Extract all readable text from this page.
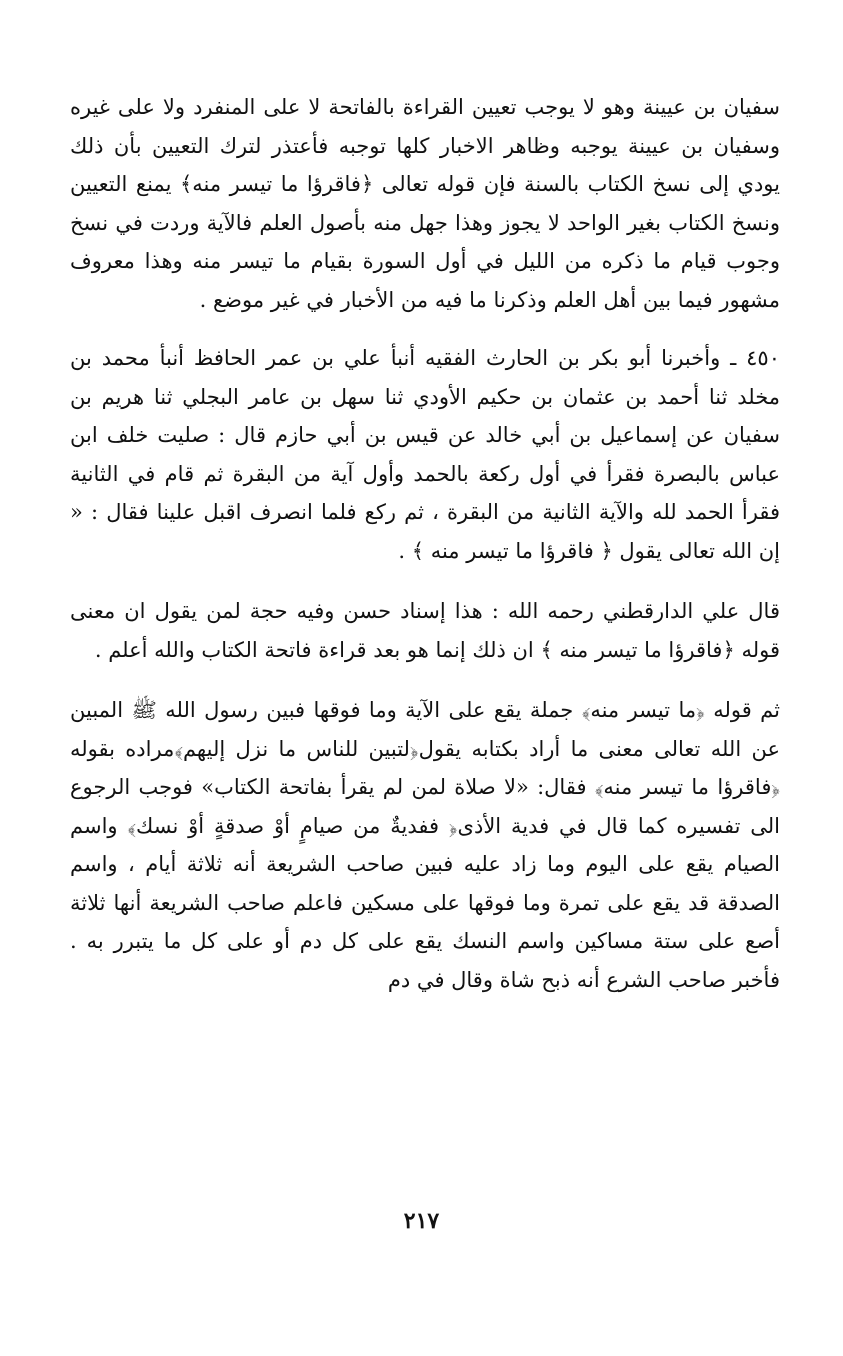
سفيان بن عيينة وهو لا يوجب تعيين القراءة بالفاتحة لا على المنفرد ولا على غيره وسفيان بن عيينة يوجبه وظاهر الاخبار كلها توجبه فأعتذر لترك التعيين بأن ذلك يودي إلى نسخ الكتاب بالسنة فإن قوله تعالى ﴿فاقرؤا ما تيسر منه﴾ يمنع التعيين ونسخ الكتاب بغير الواحد لا يجوز وهذا جهل منه بأصول العلم فالآية وردت في نسخ وجوب قيام ما ذكره من الليل في أول السورة بقيام ما تيسر منه وهذا معروف مشهور فيما بين أهل العلم وذكرنا ما فيه من الأخبار في غير موضع .

٤٥٠ ـ وأخبرنا أبو بكر بن الحارث الفقيه أنبأ علي بن عمر الحافظ أنبأ محمد بن مخلد ثنا أحمد بن عثمان بن حكيم الأودي ثنا سهل بن عامر البجلي ثنا هريم بن سفيان عن إسماعيل بن أبي خالد عن قيس بن أبي حازم قال : صليت خلف ابن عباس بالبصرة فقرأ في أول ركعة بالحمد وأول آية من البقرة ثم قام في الثانية فقرأ الحمد لله والآية الثانية من البقرة ، ثم ركع فلما انصرف اقبل علينا فقال : « إن الله تعالى يقول ﴿ فاقرؤا ما تيسر منه ﴾ .

قال علي الدارقطني رحمه الله : هذا إسناد حسن وفيه حجة لمن يقول ان معنى قوله ﴿فاقرؤا ما تيسر منه ﴾ ان ذلك إنما هو بعد قراءة فاتحة الكتاب والله أعلم .

ثم قوله ﴿ما تيسر منه﴾ جملة يقع على الآية وما فوقها فبين رسول الله ﷺ المبين عن الله تعالى معنى ما أراد بكتابه يقول﴿لتبين للناس ما نزل إليهم﴾مراده بقوله ﴿فاقرؤا ما تيسر منه﴾ فقال: «لا صلاة لمن لم يقرأ بفاتحة الكتاب» فوجب الرجوع الى تفسيره كما قال في فدية الأذى﴿ ففديةٌ من صيامٍ أوْ صدقةٍ أوْ نسك﴾ واسم الصيام يقع على اليوم وما زاد عليه فبين صاحب الشريعة أنه ثلاثة أيام ، واسم الصدقة قد يقع على تمرة وما فوقها على مسكين فاعلم صاحب الشريعة أنها ثلاثة أصع على ستة مساكين واسم النسك يقع على كل دم أو على كل ما يتبرر به . فأخبر صاحب الشرع أنه ذبح شاة وقال في دم

٢١٧
